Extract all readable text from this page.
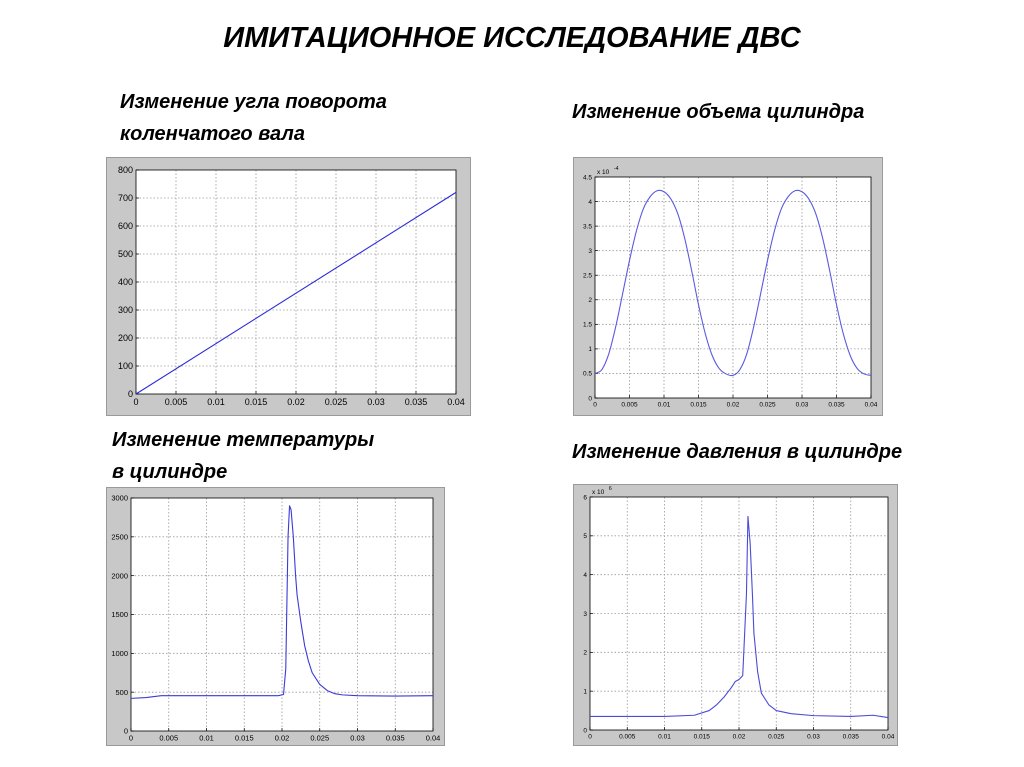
ИМИТАЦИОННОЕ ИССЛЕДОВАНИЕ ДВС
Изменение угла поворота
коленчатого вала
Изменение объема цилиндра
Изменение температуры
в цилиндре
Изменение давления в цилиндре
0	0.005 0.01 0.015 0.02 0.025 0.03 0.035 0.04
0
100
200
300
400
500
600
700
800
0	0.005	0.01	0.015	0.02	0.025	0.03	0.035	0.04
0
0.5
1
1.5
2
2.5
3
3.5
4
4.5
x 10 -4
0	0.005	0.01	0.015	0.02	0.025	0.03	0.035	0.04
0
500
1000
1500
2000
2500
3000
0	0.005	0.01	0.015	0.02	0.025	0.03	0.035	0.04
0
1
2
3
4
5
6
x 10 6
